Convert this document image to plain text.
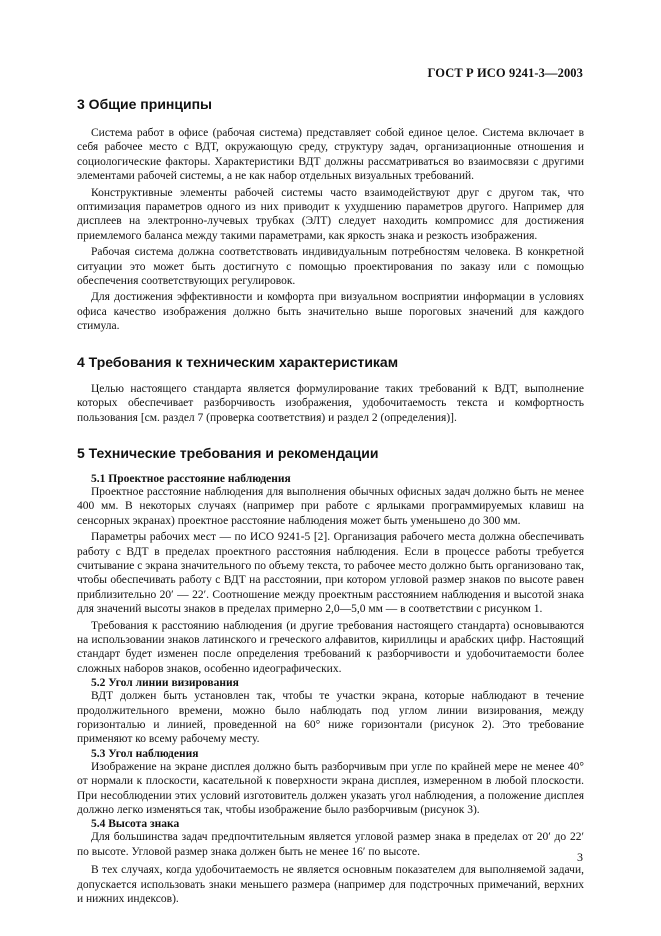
ГОСТ Р ИСО 9241-3—2003
3 Общие принципы

Система работ в офисе (рабочая система) представляет собой единое целое. Система включает в себя рабочее место с ВДТ, окружающую среду, структуру задач, организационные отношения и социологические факторы. Характеристики ВДТ должны рассматриваться во взаимосвязи с другими элементами рабочей системы, а не как набор отдельных визуальных требований.

Конструктивные элементы рабочей системы часто взаимодействуют друг с другом так, что оптимизация параметров одного из них приводит к ухудшению параметров другого. Например для дисплеев на электронно-лучевых трубках (ЭЛТ) следует находить компромисс для достижения приемлемого баланса между такими параметрами, как яркость знака и резкость изображения.

Рабочая система должна соответствовать индивидуальным потребностям человека. В конкретной ситуации это может быть достигнуто с помощью проектирования по заказу или с помощью обеспечения соответствующих регулировок.

Для достижения эффективности и комфорта при визуальном восприятии информации в условиях офиса качество изображения должно быть значительно выше пороговых значений для каждого стимула.

4 Требования к техническим характеристикам

Целью настоящего стандарта является формулирование таких требований к ВДТ, выполнение которых обеспечивает разборчивость изображения, удобочитаемость текста и комфортность пользования [см. раздел 7 (проверка соответствия) и раздел 2 (определения)].

5 Технические требования и рекомендации
5.1 Проектное расстояние наблюдения

Проектное расстояние наблюдения для выполнения обычных офисных задач должно быть не менее 400 мм. В некоторых случаях (например при работе с ярлыками программируемых клавиш на сенсорных экранах) проектное расстояние наблюдения может быть уменьшено до 300 мм.

Параметры рабочих мест — по ИСО 9241-5 [2]. Организация рабочего места должна обеспечивать работу с ВДТ в пределах проектного расстояния наблюдения. Если в процессе работы требуется считывание с экрана значительного по объему текста, то рабочее место должно быть организовано так, чтобы обеспечивать работу с ВДТ на расстоянии, при котором угловой размер знаков по высоте равен приблизительно 20′ — 22′. Соотношение между проектным расстоянием наблюдения и высотой знака для значений высоты знаков в пределах примерно 2,0—5,0 мм — в соответствии с рисунком 1.

Требования к расстоянию наблюдения (и другие требования настоящего стандарта) основываются на использовании знаков латинского и греческого алфавитов, кириллицы и арабских цифр. Настоящий стандарт будет изменен после определения требований к разборчивости и удобочитаемости более сложных наборов знаков, особенно идеографических.

5.2 Угол линии визирования

ВДТ должен быть установлен так, чтобы те участки экрана, которые наблюдают в течение продолжительного времени, можно было наблюдать под углом линии визирования, между горизонталью и линией, проведенной на 60° ниже горизонтали (рисунок 2). Это требование применяют ко всему рабочему месту.

5.3 Угол наблюдения

Изображение на экране дисплея должно быть разборчивым при угле по крайней мере не менее 40° от нормали к плоскости, касательной к поверхности экрана дисплея, измеренном в любой плоскости. При несоблюдении этих условий изготовитель должен указать угол наблюдения, а положение дисплея должно легко изменяться так, чтобы изображение было разборчивым (рисунок 3).

5.4 Высота знака

Для большинства задач предпочтительным является угловой размер знака в пределах от 20′ до 22′ по высоте. Угловой размер знака должен быть не менее 16′ по высоте.

В тех случаях, когда удобочитаемость не является основным показателем для выполняемой задачи, допускается использовать знаки меньшего размера (например для подстрочных примечаний, верхних и нижних индексов).

3
